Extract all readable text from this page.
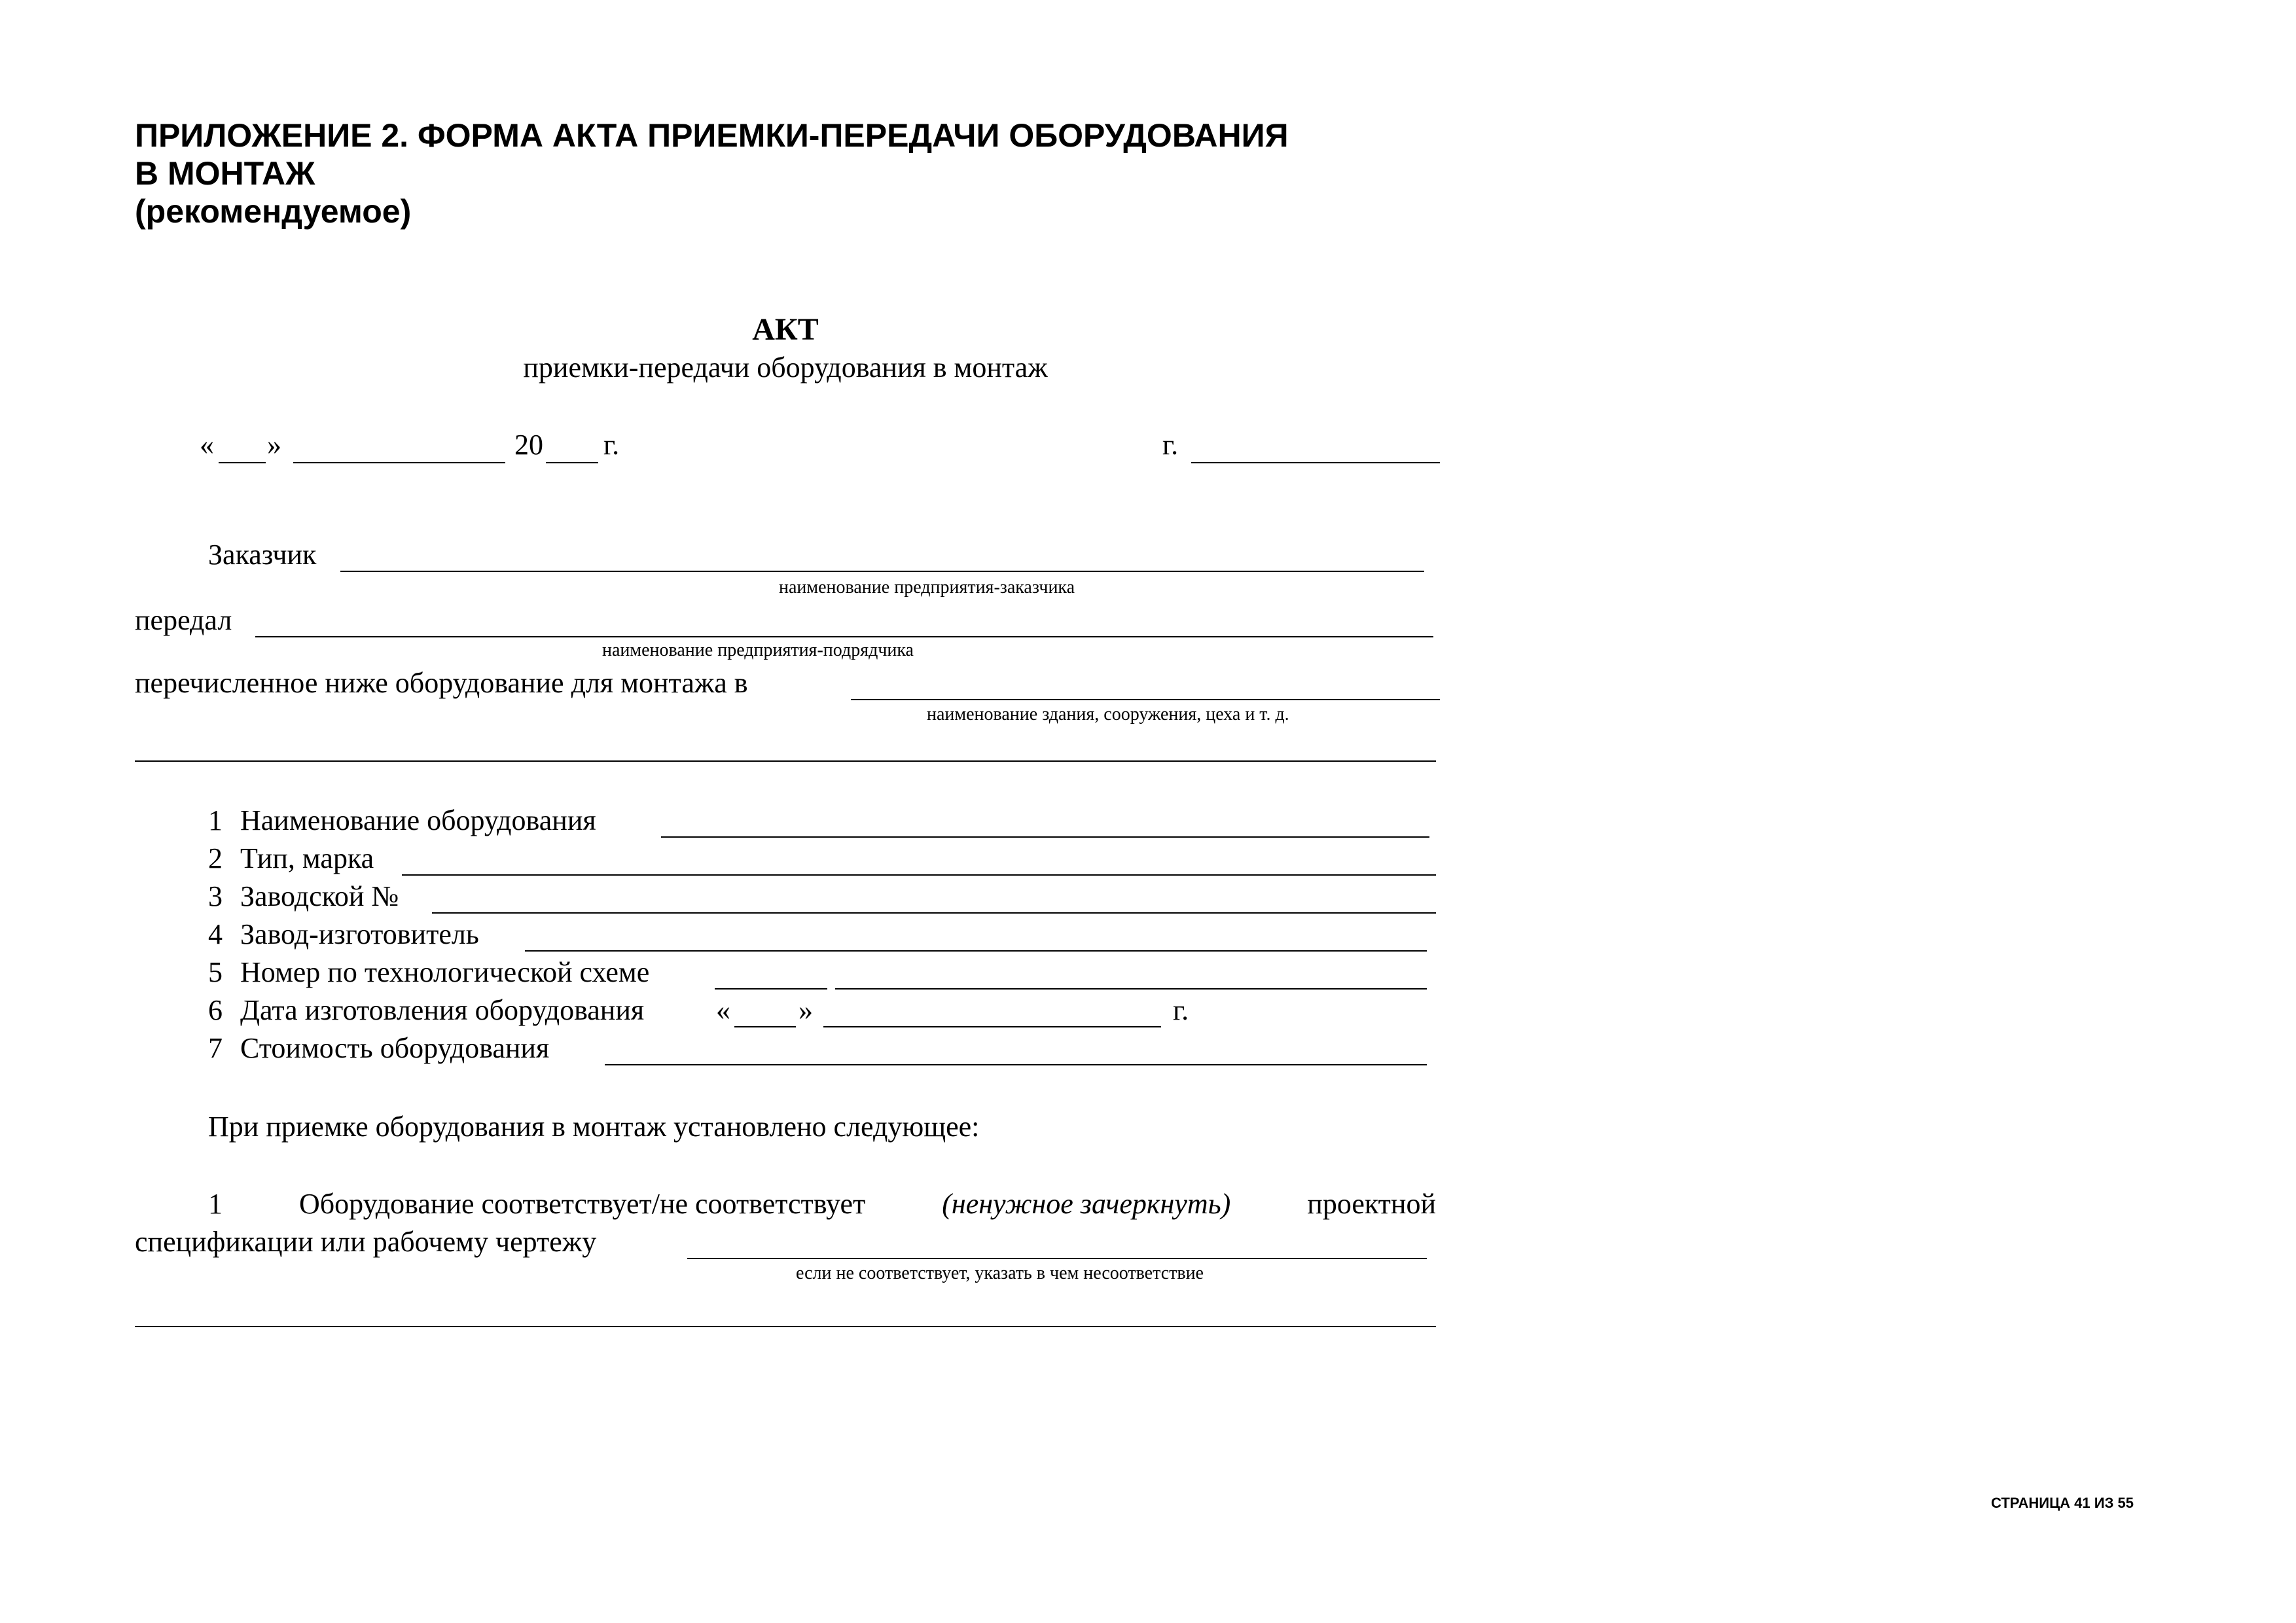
ПРИЛОЖЕНИЕ 2. ФОРМА АКТА ПРИЕМКИ-ПЕРЕДАЧИ ОБОРУДОВАНИЯ
В МОНТАЖ
(рекомендуемое)
АКТ
приемки-передачи оборудования в монтаж
« »	20 г.	г.
Заказчик
наименование предприятия-заказчика
передал
наименование предприятия-подрядчика
перечисленное ниже оборудование для монтажа в
наименование здания, сооружения, цеха и т. д.
1 Наименование оборудования
2 Тип, марка
3 Заводской №
4 Завод-изготовитель
5 Номер по технологической схеме
6 Дата изготовления оборудования « »	г.
7 Стоимость оборудования
При приемке оборудования в монтаж установлено следующее:
1	Оборудование соответствует/не соответствует	(ненужное зачеркнуть)	проектной
спецификации или рабочему чертежу
если не соответствует, указать в чем несоответствие
СТРАНИЦА 41 ИЗ 55
